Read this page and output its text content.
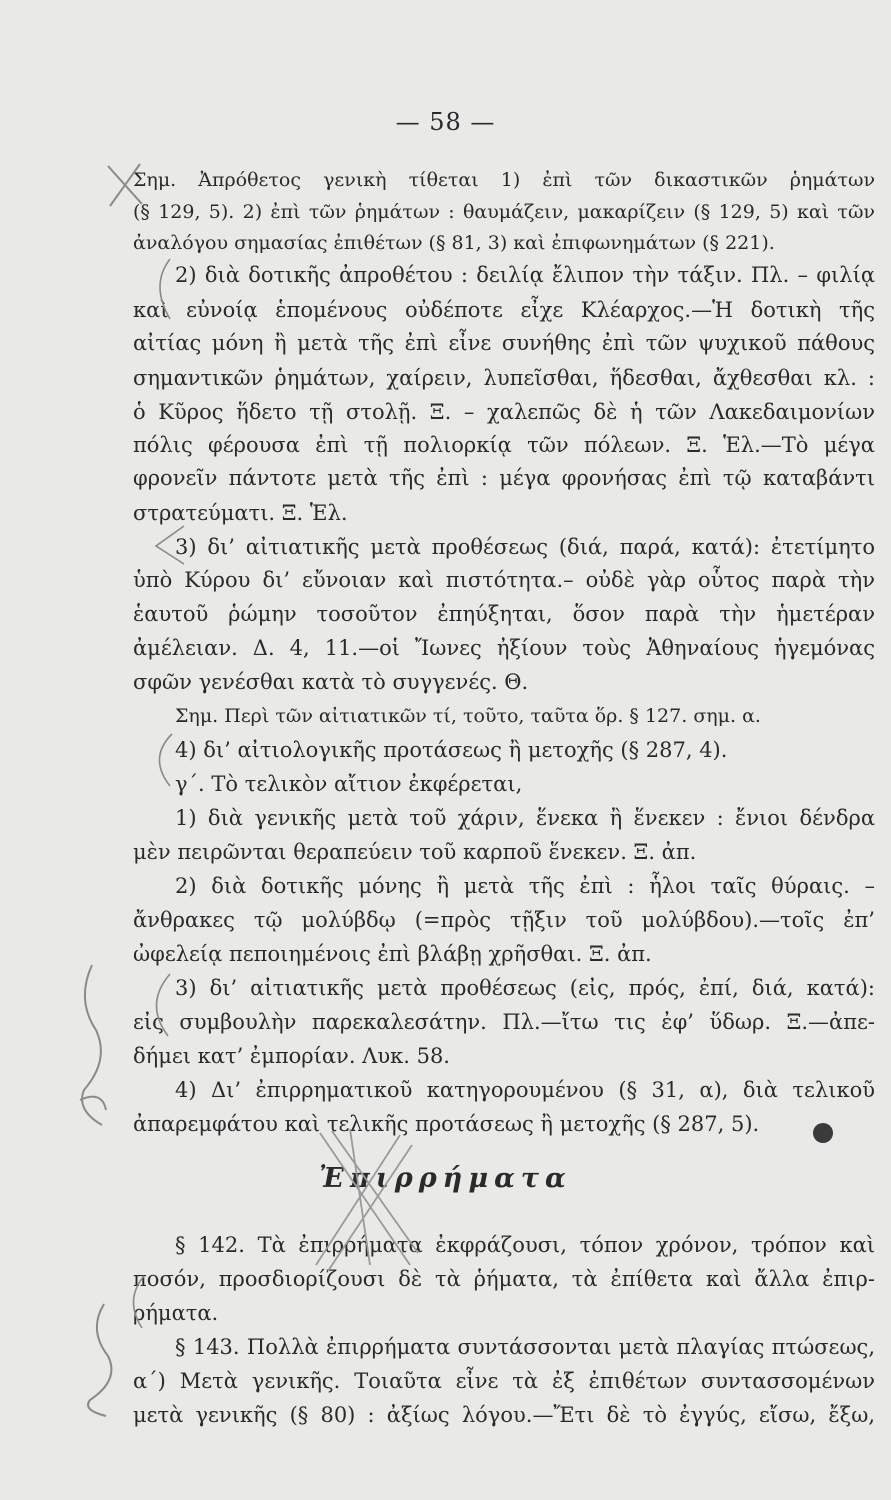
— 58 —
Σημ. Ἀπρόθετος γενικὴ τίθεται 1) ἐπὶ τῶν δικαστικῶν ῥημάτων
(§ 129, 5). 2) ἐπὶ τῶν ῥημάτων : θαυμάζειν, μακαρίζειν (§ 129, 5) καὶ τῶν
ἀναλόγου σημασίας ἐπιθέτων (§ 81, 3) καὶ ἐπιφωνημάτων (§ 221).
2) διὰ δοτικῆς ἀπροθέτου : δειλίᾳ ἔλιπον τὴν τάξιν. Πλ. – φιλίᾳ
καὶ εὐνοίᾳ ἑπομένους οὐδέποτε εἶχε Κλέαρχος.—Ἡ δοτικὴ τῆς
αἰτίας μόνη ἢ μετὰ τῆς ἐπὶ εἶνε συνήθης ἐπὶ τῶν ψυχικοῦ πάθους
σημαντικῶν ῥημάτων, χαίρειν, λυπεῖσθαι, ἥδεσθαι, ἄχθεσθαι κλ. :
ὁ Κῦρος ἥδετο τῇ στολῇ. Ξ. – χαλεπῶς δὲ ἡ τῶν Λακεδαιμονίων
πόλις φέρουσα ἐπὶ τῇ πολιορκίᾳ τῶν πόλεων. Ξ. Ἑλ.—Τὸ μέγα
φρονεῖν πάντοτε μετὰ τῆς ἐπὶ : μέγα φρονήσας ἐπὶ τῷ καταβάντι
στρατεύματι. Ξ. Ἑλ.
3) δι’ αἰτιατικῆς μετὰ προθέσεως (διά, παρά, κατά): ἐτετίμητο
ὑπὸ Κύρου δι’ εὔνοιαν καὶ πιστότητα.– οὐδὲ γὰρ οὗτος παρὰ τὴν
ἑαυτοῦ ῥώμην τοσοῦτον ἐπηύξηται, ὅσον παρὰ τὴν ἡμετέραν
ἀμέλειαν. Δ. 4, 11.—οἱ Ἴωνες ἠξίουν τοὺς Ἀθηναίους ἡγεμόνας
σφῶν γενέσθαι κατὰ τὸ συγγενές. Θ.
Σημ. Περὶ τῶν αἰτιατικῶν τί, τοῦτο, ταῦτα ὅρ. § 127. σημ. α.
4) δι’ αἰτιολογικῆς προτάσεως ἢ μετοχῆς (§ 287, 4).
γ΄. Τὸ τελικὸν αἴτιον ἐκφέρεται,
1) διὰ γενικῆς μετὰ τοῦ χάριν, ἕνεκα ἢ ἕνεκεν : ἔνιοι δένδρα
μὲν πειρῶνται θεραπεύειν τοῦ καρποῦ ἕνεκεν. Ξ. ἀπ.
2) διὰ δοτικῆς μόνης ἢ μετὰ τῆς ἐπὶ : ἧλοι ταῖς θύραις. –
ἄνθρακες τῷ μολύβδῳ (=πρὸς τῇξιν τοῦ μολύβδου).—τοῖς ἐπ’
ὠφελείᾳ πεποιημένοις ἐπὶ βλάβῃ χρῆσθαι. Ξ. ἀπ.
3) δι’ αἰτιατικῆς μετὰ προθέσεως (εἰς, πρός, ἐπί, διά, κατά):
εἰς συμβουλὴν παρεκαλεσάτην. Πλ.—ἴτω τις ἐφ’ ὕδωρ. Ξ.—ἀπε-
δήμει κατ’ ἐμπορίαν. Λυκ. 58.
4) Δι’ ἐπιρρηματικοῦ κατηγορουμένου (§ 31, α), διὰ τελικοῦ
ἀπαρεμφάτου καὶ τελικῆς προτάσεως ἢ μετοχῆς (§ 287, 5).
Ἐπιρρήματα
§ 142. Τὰ ἐπιρρήματα ἐκφράζουσι, τόπον χρόνον, τρόπον καὶ
ποσόν, προσδιορίζουσι δὲ τὰ ῥήματα, τὰ ἐπίθετα καὶ ἄλλα ἐπιρ-
ρήματα.
§ 143. Πολλὰ ἐπιρρήματα συντάσσονται μετὰ πλαγίας πτώσεως,
α΄) Μετὰ γενικῆς. Τοιαῦτα εἶνε τὰ ἐξ ἐπιθέτων συντασσομένων
μετὰ γενικῆς (§ 80) : ἀξίως λόγου.—Ἔτι δὲ τὸ ἐγγύς, εἴσω, ἔξω,
